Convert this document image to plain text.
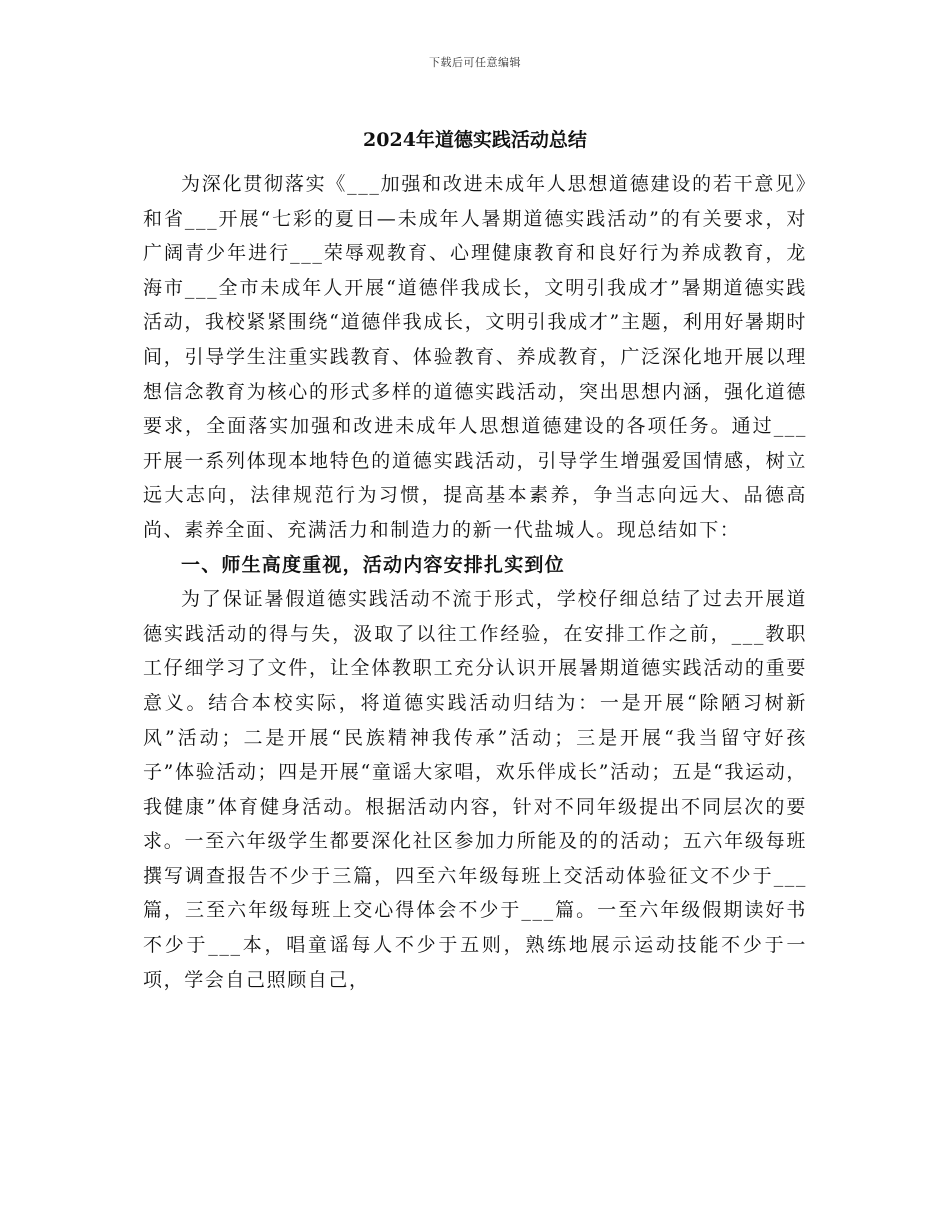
下载后可任意编辑
2024年道德实践活动总结

为深化贯彻落实《___加强和改进未成年人思想道德建设的若干意见》和省___开展“七彩的夏日—未成年人暑期道德实践活动”的有关要求，对广阔青少年进行___荣辱观教育、心理健康教育和良好行为养成教育，龙海市___全市未成年人开展“道德伴我成长，文明引我成才”暑期道德实践活动，我校紧紧围绕“道德伴我成长，文明引我成才”主题，利用好暑期时间，引导学生注重实践教育、体验教育、养成教育，广泛深化地开展以理想信念教育为核心的形式多样的道德实践活动，突出思想内涵，强化道德要求，全面落实加强和改进未成年人思想道德建设的各项任务。通过___开展一系列体现本地特色的道德实践活动，引导学生增强爱国情感，树立远大志向，法律规范行为习惯，提高基本素养，争当志向远大、品德高尚、素养全面、充满活力和制造力的新一代盐城人。现总结如下：

一、师生高度重视，活动内容安排扎实到位

为了保证暑假道德实践活动不流于形式，学校仔细总结了过去开展道德实践活动的得与失，汲取了以往工作经验，在安排工作之前，___教职工仔细学习了文件，让全体教职工充分认识开展暑期道德实践活动的重要意义。结合本校实际，将道德实践活动归结为：一是开展“除陋习树新风”活动；二是开展“民族精神我传承”活动；三是开展“我当留守好孩子”体验活动；四是开展“童谣大家唱，欢乐伴成长”活动；五是“我运动，我健康”体育健身活动。根据活动内容，针对不同年级提出不同层次的要求。一至六年级学生都要深化社区参加力所能及的的活动；五六年级每班撰写调查报告不少于三篇，四至六年级每班上交活动体验征文不少于___篇，三至六年级每班上交心得体会不少于___篇。一至六年级假期读好书不少于___本，唱童谣每人不少于五则，熟练地展示运动技能不少于一项，学会自己照顾自己，
